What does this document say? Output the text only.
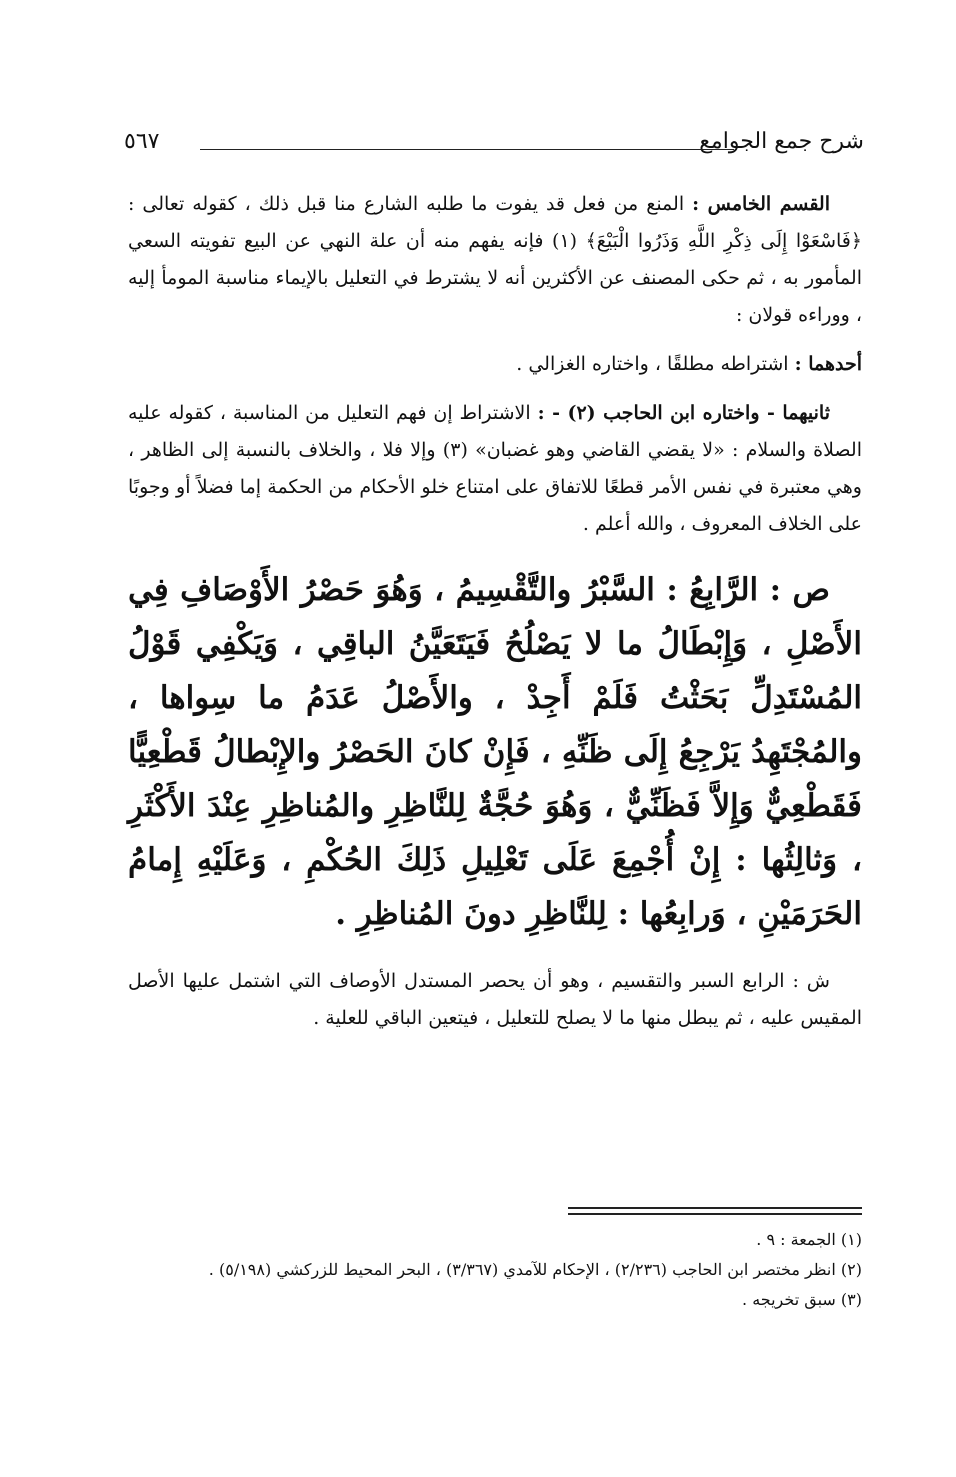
شرح جمع الجوامع
٥٦٧

القسم الخامس : المنع من فعل قد يفوت ما طلبه الشارع منا قبل ذلك ، كقوله تعالى : ﴿فَاسْعَوْا إِلَى ذِكْرِ اللَّهِ وَذَرُوا الْبَيْعَ﴾ (١) فإنه يفهم منه أن علة النهي عن البيع تفويته السعي المأمور به ، ثم حكى المصنف عن الأكثرين أنه لا يشترط في التعليل بالإيماء مناسبة المومأ إليه ، ووراءه قولان :

أحدهما : اشتراطه مطلقًا ، واختاره الغزالي .

ثانيهما - واختاره ابن الحاجب (٢) - : الاشتراط إن فهم التعليل من المناسبة ، كقوله عليه الصلاة والسلام : «لا يقضي القاضي وهو غضبان» (٣) وإلا فلا ، والخلاف بالنسبة إلى الظاهر ، وهي معتبرة في نفس الأمر قطعًا للاتفاق على امتناع خلو الأحكام من الحكمة إما فضلاً أو وجوبًا على الخلاف المعروف ، والله أعلم .

ص : الرَّابِعُ : السَّبْرُ والتَّقْسِيمُ ، وَهُوَ حَصْرُ الأَوْصَافِ فِي الأَصْلِ ، وَإِبْطَالُ ما لا يَصْلُحُ فَيَتَعَيَّنُ الباقِي ، وَيَكْفِي قَوْلُ المُسْتَدِلِّ بَحَثْتُ فَلَمْ أَجِدْ ، والأَصْلُ عَدَمُ ما سِواها ، والمُجْتَهِدُ يَرْجِعُ إِلَى ظَنِّهِ ، فَإِنْ كانَ الحَصْرُ والإِبْطالُ قَطْعِيًّا فَقَطْعِيٌّ وَإِلاَّ فَظَنِّيٌّ ، وَهُوَ حُجَّةٌ لِلنَّاظِرِ والمُناظِرِ عِنْدَ الأَكْثَرِ ، وَثالِثُها : إِنْ أُجْمِعَ عَلَى تَعْلِيلِ ذَلِكَ الحُكْمِ ، وَعَلَيْهِ إِمامُ الحَرَمَيْنِ ، وَرابِعُها : لِلنَّاظِرِ دونَ المُناظِرِ .

ش : الرابع السبر والتقسيم ، وهو أن يحصر المستدل الأوصاف التي اشتمل عليها الأصل المقيس عليه ، ثم يبطل منها ما لا يصلح للتعليل ، فيتعين الباقي للعلية .

(١) الجمعة : ٩ .

(٢) انظر مختصر ابن الحاجب (٢/٢٣٦) ، الإحكام للآمدي (٣/٣٦٧) ، البحر المحيط للزركشي (٥/١٩٨) .

(٣) سبق تخريجه .
